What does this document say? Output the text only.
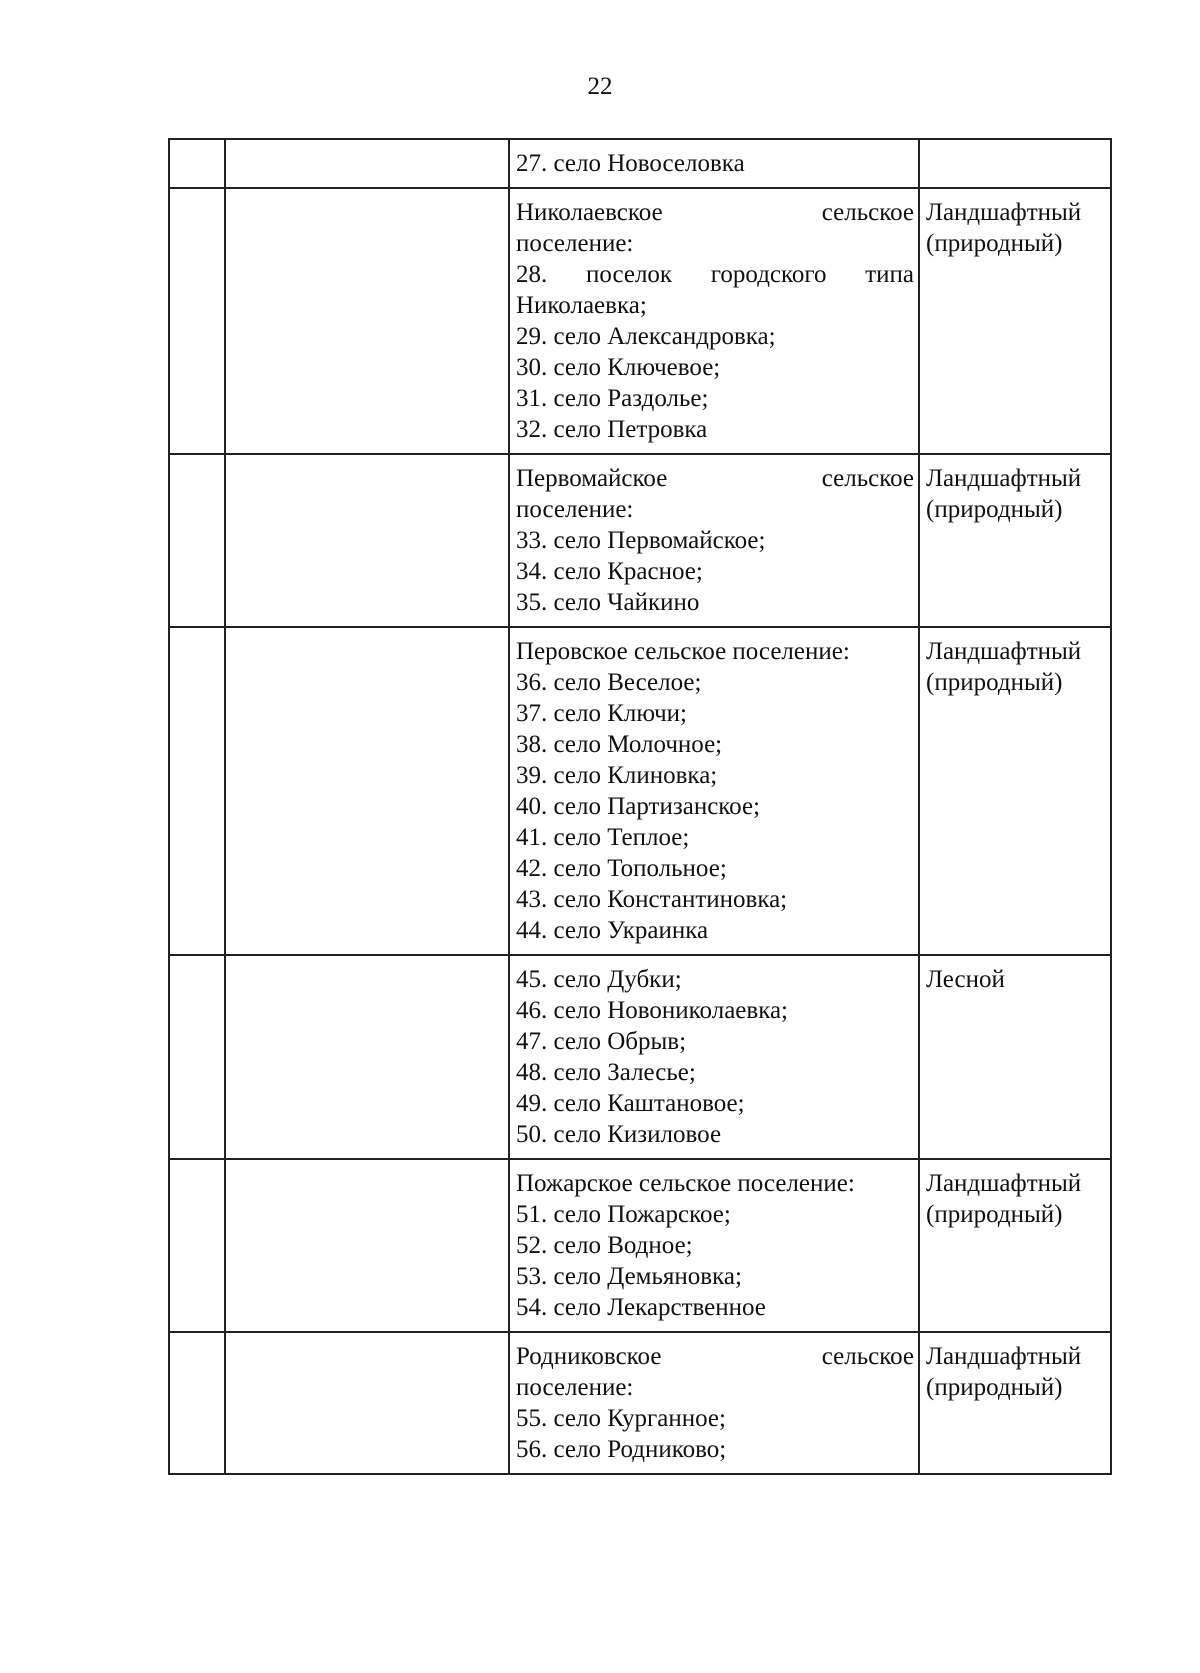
22
27. село Новоселовка
Николаевское сельское
поселение:
28. поселок городского типа
Николаевка;
29. село Александровка;
30. село Ключевое;
31. село Раздолье;
32. село Петровка
Ландшафтный
(природный)
Первомайское сельское
поселение:
33. село Первомайское;
34. село Красное;
35. село Чайкино
Ландшафтный
(природный)
Перовское сельское поселение:
36. село Веселое;
37. село Ключи;
38. село Молочное;
39. село Клиновка;
40. село Партизанское;
41. село Теплое;
42. село Топольное;
43. село Константиновка;
44. село Украинка
Ландшафтный
(природный)
45. село Дубки;
46. село Новониколаевка;
47. село Обрыв;
48. село Залесье;
49. село Каштановое;
50. село Кизиловое
Лесной
Пожарское сельское поселение:
51. село Пожарское;
52. село Водное;
53. село Демьяновка;
54. село Лекарственное
Ландшафтный
(природный)
Родниковское сельское
поселение:
55. село Курганное;
56. село Родниково;
Ландшафтный
(природный)
